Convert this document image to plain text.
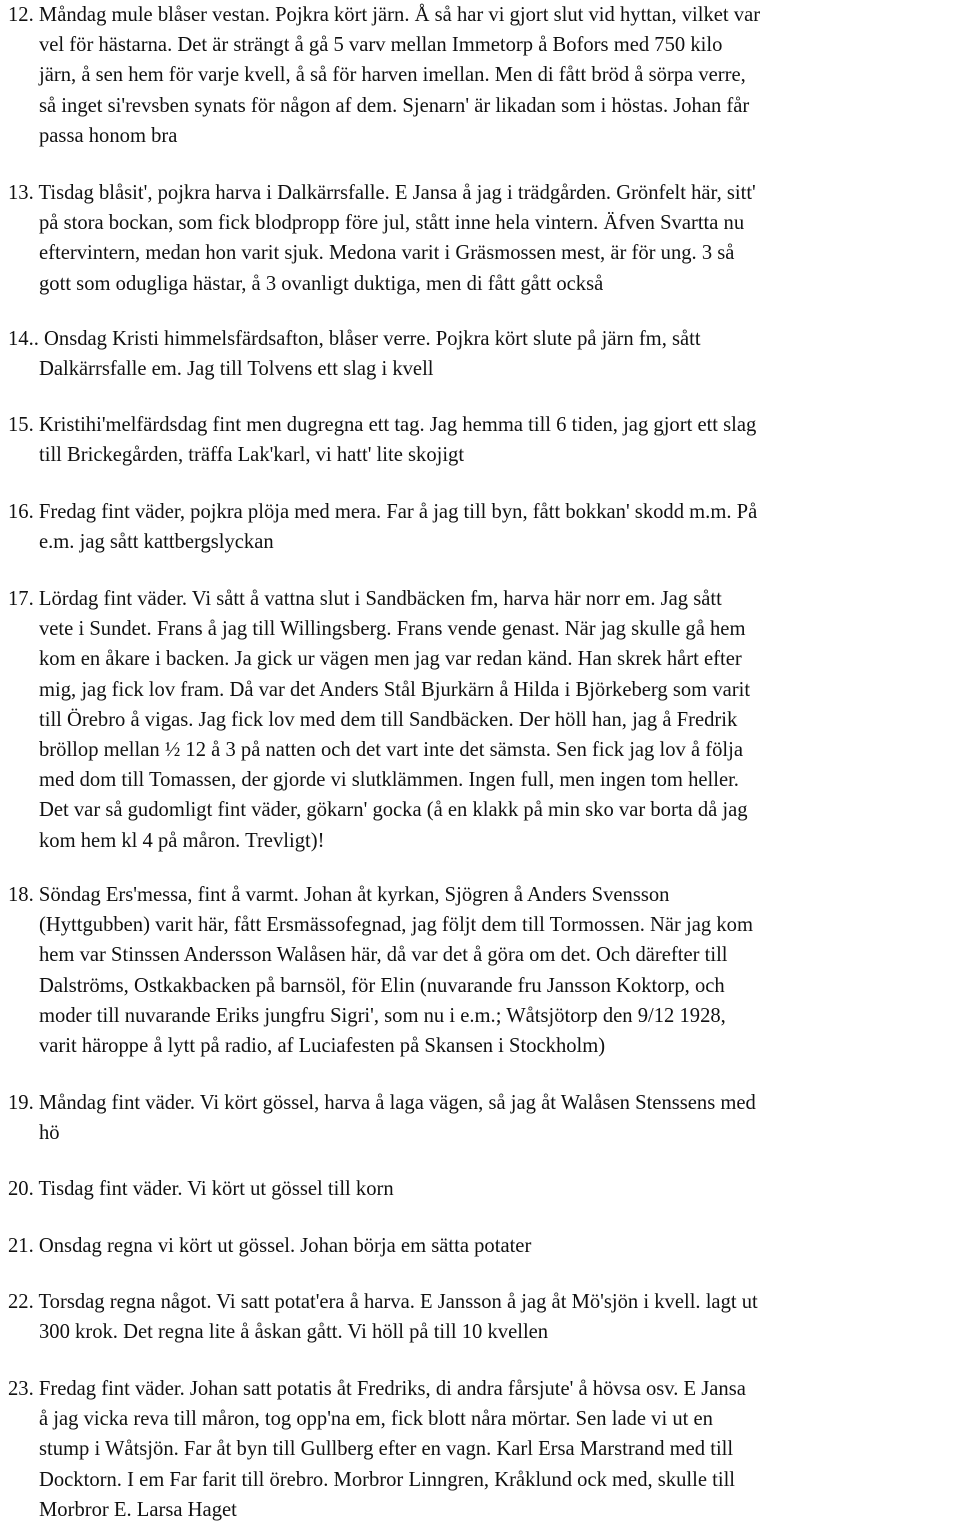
12. Måndag mule blåser vestan. Pojkra kört järn. Å så har vi gjort slut vid hyttan, vilket var
vel för hästarna. Det är strängt å gå 5 varv mellan Immetorp å Bofors med 750 kilo
järn, å sen hem för varje kvell, å så för harven imellan. Men di fått bröd å sörpa verre,
så inget si'revsben synats för någon af dem. Sjenarn' är likadan som i höstas. Johan får
passa honom bra
13. Tisdag blåsit', pojkra harva i Dalkärrsfalle. E Jansa å jag i trädgården. Grönfelt här, sitt'
på stora bockan, som fick blodpropp före jul, stått inne hela vintern. Äfven Svartta nu
eftervintern, medan hon varit sjuk. Medona varit i Gräsmossen mest, är för ung. 3 så
gott som odugliga hästar, å 3 ovanligt duktiga, men di fått gått också
14.. Onsdag Kristi himmelsfärdsafton, blåser verre. Pojkra kört slute på järn fm, sått
Dalkärrsfalle em. Jag till Tolvens ett slag i kvell
15. Kristihi'melfärdsdag fint men dugregna ett tag. Jag hemma till 6 tiden, jag gjort ett slag
till Brickegården, träffa Lak'karl, vi hatt' lite skojigt
16. Fredag fint väder, pojkra plöja med mera. Far å jag till byn, fått bokkan' skodd m.m. På
e.m. jag sått kattbergslyckan
17. Lördag fint väder. Vi sått å vattna slut i Sandbäcken fm, harva här norr em. Jag sått
vete i Sundet. Frans å jag till Willingsberg. Frans vende genast. När jag skulle gå hem
kom en åkare i backen. Ja gick ur vägen men jag var redan känd. Han skrek hårt efter
mig, jag fick lov fram. Då var det Anders Stål Bjurkärn å Hilda i Björkeberg som varit
till Örebro å vigas. Jag fick lov med dem till Sandbäcken. Der höll han, jag å Fredrik
bröllop mellan ½ 12 å 3 på natten och det vart inte det sämsta. Sen fick jag lov å följa
med dom till Tomassen, der gjorde vi slutklämmen. Ingen full, men ingen tom heller.
Det var så gudomligt fint väder, gökarn' gocka (å en klakk på min sko var borta då jag
kom hem kl 4 på måron. Trevligt)!
18. Söndag Ers'messa, fint å varmt. Johan åt kyrkan, Sjögren å Anders Svensson
(Hyttgubben) varit här, fått Ersmässofegnad, jag följt dem till Tormossen. När jag kom
hem var Stinssen Andersson Walåsen här, då var det å göra om det. Och därefter till
Dalströms, Ostkakbacken på barnsöl, för Elin (nuvarande fru Jansson Koktorp, och
moder till nuvarande Eriks jungfru Sigri', som nu i e.m.; Wåtsjötorp den 9/12 1928,
varit häroppe å lytt på radio, af Luciafesten på Skansen i Stockholm)
19. Måndag fint väder. Vi kört gössel, harva å laga vägen, så jag åt Walåsen Stenssens med
hö
20. Tisdag fint väder. Vi kört ut gössel till korn
21. Onsdag regna vi kört ut gössel. Johan börja em sätta potater
22. Torsdag regna något. Vi satt potat'era å harva. E Jansson å jag åt Mö'sjön i kvell. lagt ut
300 krok. Det regna lite å åskan gått. Vi höll på till 10 kvellen
23. Fredag fint väder. Johan satt potatis åt Fredriks, di andra fårsjute' å hövsa osv. E Jansa
å jag vicka reva till måron, tog opp'na em, fick blott nåra mörtar. Sen lade vi ut en
stump i Wåtsjön. Far åt byn till Gullberg efter en vagn. Karl Ersa Marstrand med till
Docktorn. I em Far farit till örebro. Morbror Linngren, Kråklund ock med, skulle till
Morbror E. Larsa Haget
